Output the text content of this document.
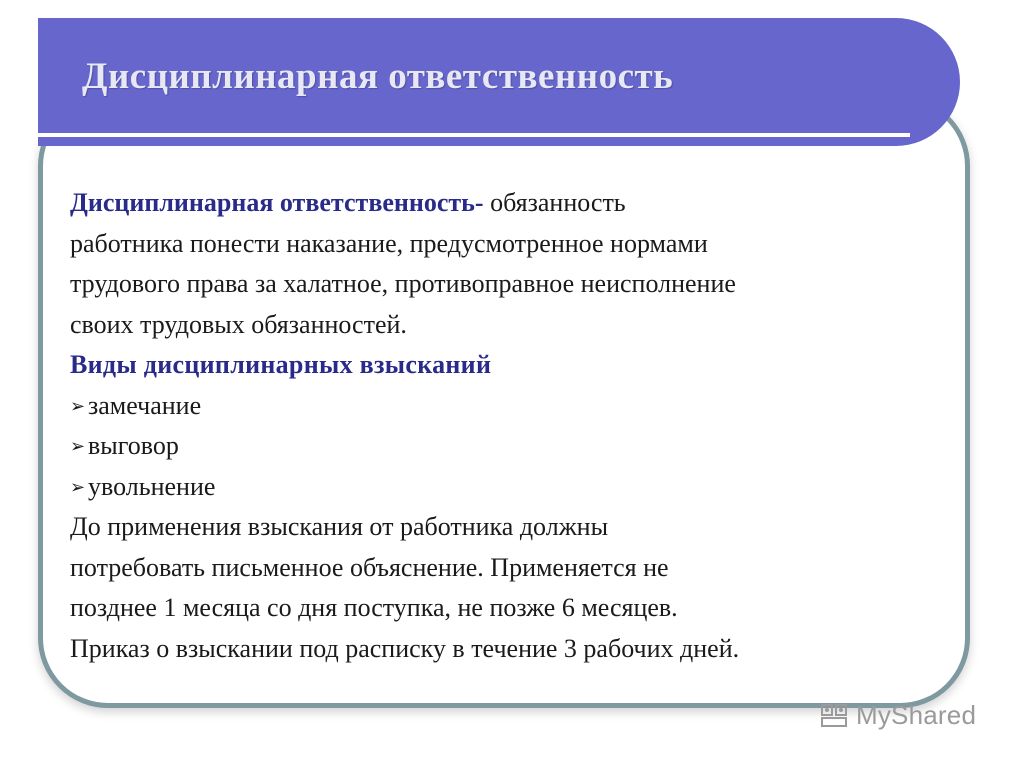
Дисциплинарная ответственность

Дисциплинарная ответственность- обязанность

работника понести наказание, предусмотренное нормами

трудового права за халатное, противоправное неисполнение

своих трудовых обязанностей.

Виды дисциплинарных взысканий

➢ замечание
➢ выговор
➢ увольнение

До применения взыскания от работника должны

потребовать письменное объяснение. Применяется не

позднее 1 месяца со дня поступка, не позже 6 месяцев.

Приказ о взыскании под расписку в течение 3 рабочих дней.

MyShared
